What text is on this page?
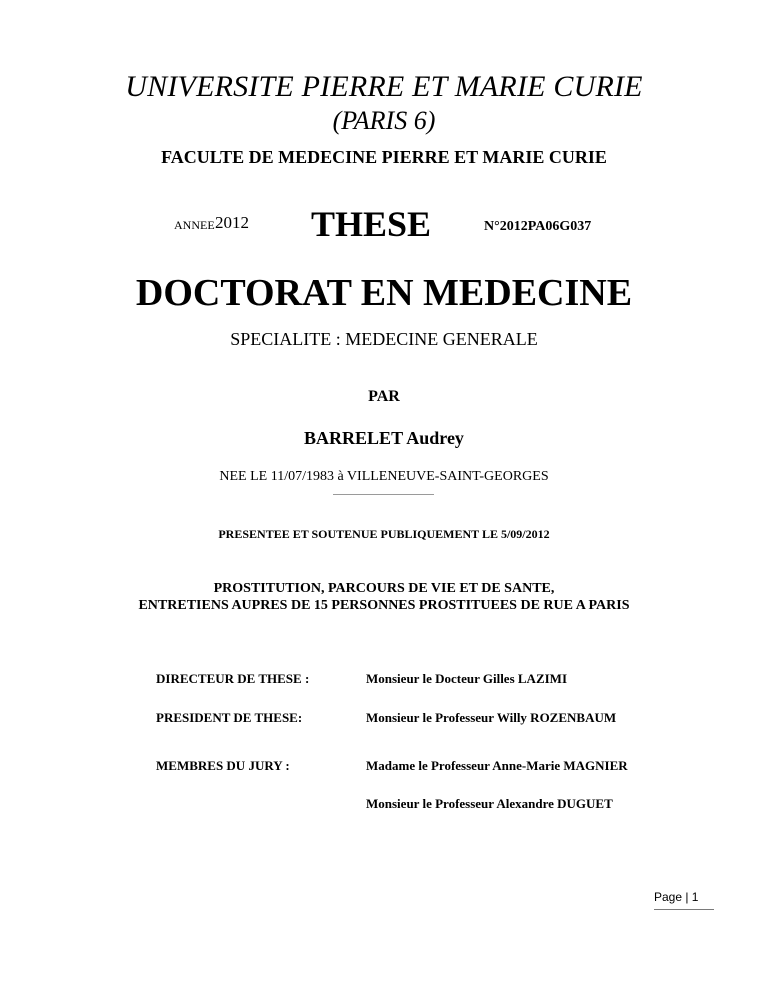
UNIVERSITE PIERRE ET MARIE CURIE
(PARIS 6)
FACULTE DE MEDECINE PIERRE ET MARIE CURIE
ANNEE 2012 THESE	N°2012PA06G037
DOCTORAT EN MEDECINE
SPECIALITE : MEDECINE GENERALE
PAR
BARRELET Audrey
NEE LE 11/07/1983 à VILLENEUVE-SAINT-GEORGES
PRESENTEE ET SOUTENUE PUBLIQUEMENT LE 5/09/2012
PROSTITUTION, PARCOURS DE VIE ET DE SANTE,
ENTRETIENS AUPRES DE 15 PERSONNES PROSTITUEES DE RUE A PARIS
DIRECTEUR DE THESE :	Monsieur le Docteur Gilles LAZIMI
PRESIDENT DE THESE:	Monsieur le Professeur Willy ROZENBAUM
MEMBRES DU JURY :	Madame le Professeur Anne-Marie MAGNIER
Monsieur le Professeur Alexandre DUGUET
Page | 1
